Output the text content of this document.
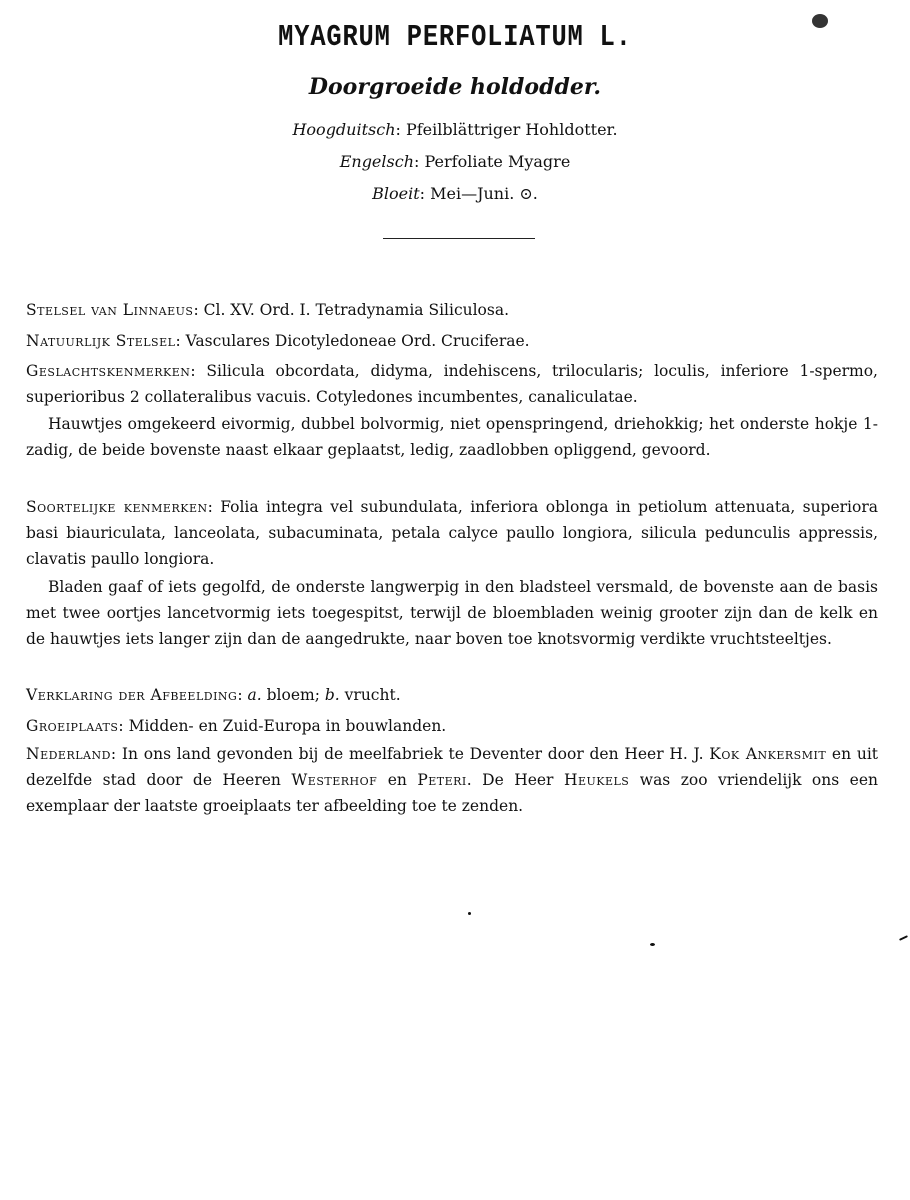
MYAGRUM PERFOLIATUM L.
Doorgroeide holdodder.
Hoogduitsch: Pfeilblättriger Hohldotter.
Engelsch: Perfoliate Myagre
Bloeit: Mei—Juni. ⊙.
Stelsel van Linnaeus: Cl. XV. Ord. I. Tetradynamia Siliculosa.
Natuurlijk Stelsel: Vasculares Dicotyledoneae Ord. Cruciferae.
Geslachtskenmerken: Silicula obcordata, didyma, indehiscens, trilocularis; loculis, inferiore 1-spermo, superioribus 2 collateralibus vacuis. Cotyledones incumbentes, canaliculatae.
Hauwtjes omgekeerd eivormig, dubbel bolvormig, niet openspringend, driehokkig; het onderste hokje 1-zadig, de beide bovenste naast elkaar geplaatst, ledig, zaadlobben opliggend, gevoord.
Soortelijke kenmerken: Folia integra vel subundulata, inferiora oblonga in petiolum attenuata, superiora basi biauriculata, lanceolata, subacuminata, petala calyce paullo longiora, silicula pedunculis appressis, clavatis paullo longiora.
Bladen gaaf of iets gegolfd, de onderste langwerpig in den bladsteel versmald, de bovenste aan de basis met twee oortjes lancetvormig iets toegespitst, terwijl de bloembladen weinig grooter zijn dan de kelk en de hauwtjes iets langer zijn dan de aangedrukte, naar boven toe knotsvormig verdikte vruchtsteeltjes.
Verklaring der Afbeelding: a. bloem; b. vrucht.
Groeiplaats: Midden- en Zuid-Europa in bouwlanden.
Nederland: In ons land gevonden bij de meelfabriek te Deventer door den Heer H. J. Kok Ankersmit en uit dezelfde stad door de Heeren Westerhof en Peteri. De Heer Heukels was zoo vriendelijk ons een exemplaar der laatste groeiplaats ter afbeelding toe te zenden.
